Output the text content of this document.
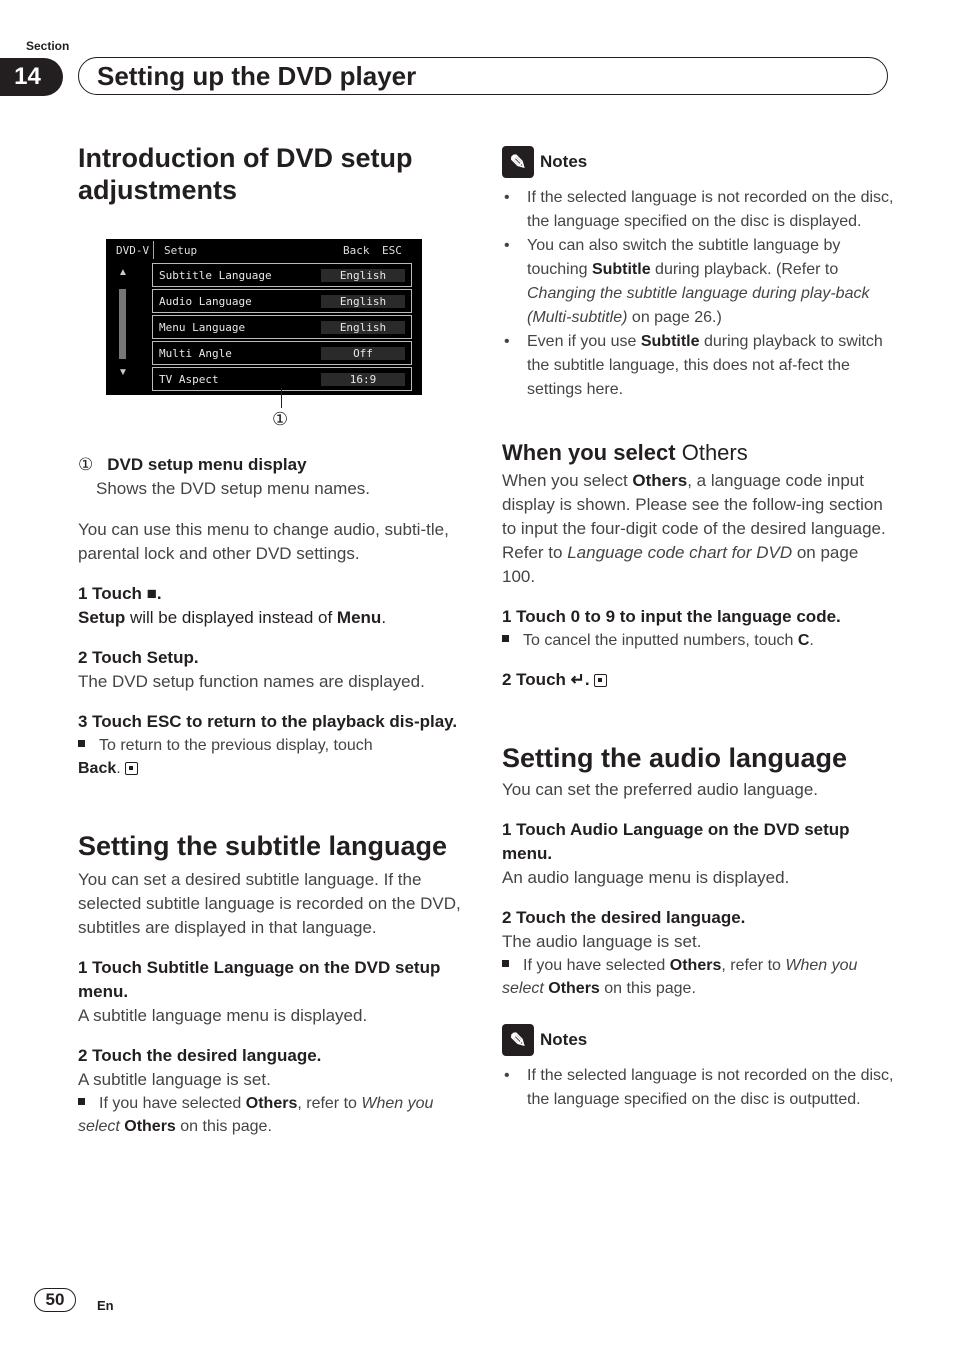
Section
14	Setting up the DVD player
Introduction of DVD setup adjustments
DVD-V Setup	Back ESC
▲
▼
Subtitle Language	English
Audio Language	English
Menu Language	English
Multi Angle	Off
TV Aspect	16:9
①
① DVD setup menu display
Shows the DVD setup menu names.
You can use this menu to change audio, subti-tle, parental lock and other DVD settings.
1 Touch ■.
Setup will be displayed instead of Menu.
2 Touch Setup.
The DVD setup function names are displayed.
3 Touch ESC to return to the playback dis-play.
To return to the previous display, touch
Back.
Setting the subtitle language
You can set a desired subtitle language. If the selected subtitle language is recorded on the DVD, subtitles are displayed in that language.
1 Touch Subtitle Language on the DVD setup menu.
A subtitle language menu is displayed.
2 Touch the desired language.
A subtitle language is set.
If you have selected Others, refer to When you select Others on this page.
✎ Notes
• If the selected language is not recorded on the disc, the language specified on the disc is displayed.
• You can also switch the subtitle language by touching Subtitle during playback. (Refer to Changing the subtitle language during play-back (Multi-subtitle) on page 26.)
• Even if you use Subtitle during playback to switch the subtitle language, this does not af-fect the settings here.
When you select Others
When you select Others, a language code input display is shown. Please see the follow-ing section to input the four-digit code of the desired language. Refer to Language code chart for DVD on page 100.
1 Touch 0 to 9 to input the language code.
To cancel the inputted numbers, touch C.
2 Touch ↵.
Setting the audio language
You can set the preferred audio language.
1 Touch Audio Language on the DVD setup menu.
An audio language menu is displayed.
2 Touch the desired language.
The audio language is set.
If you have selected Others, refer to When you select Others on this page.
✎ Notes
• If the selected language is not recorded on the disc, the language specified on the disc is outputted.
50	En
